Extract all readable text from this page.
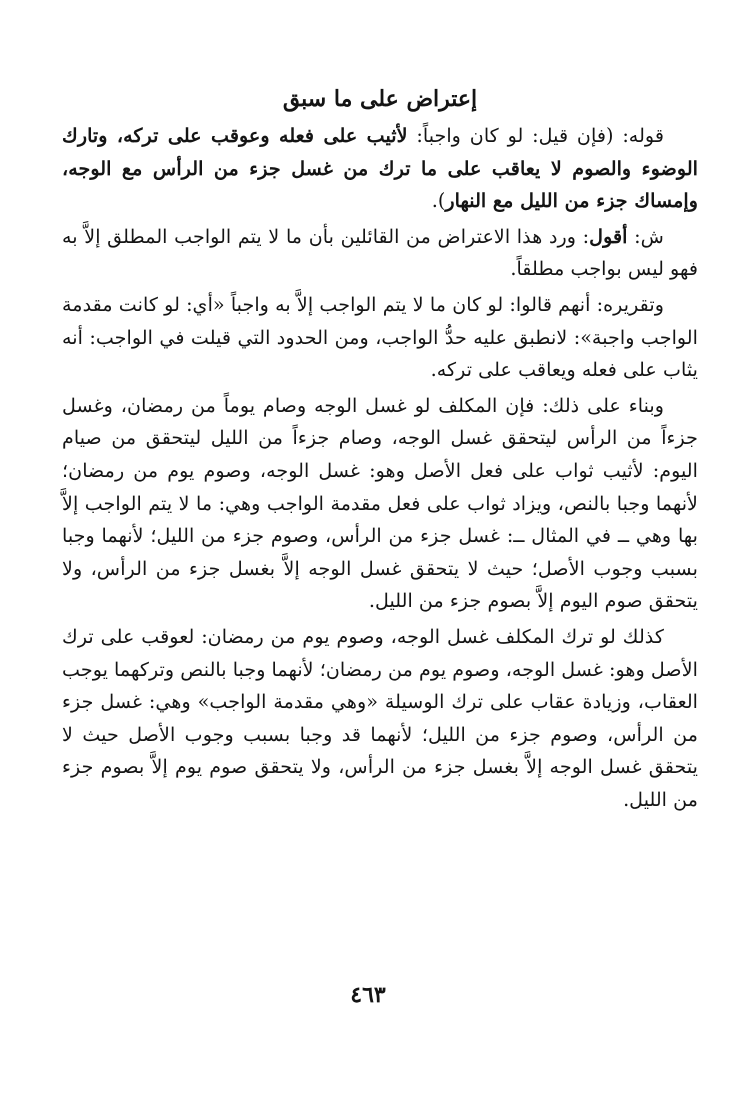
إعتراض على ما سبق

قوله: (فإن قيل: لو كان واجباً: لأثيب على فعله وعوقب على تركه، وتارك الوضوء والصوم لا يعاقب على ما ترك من غسل جزء من الرأس مع الوجه، وإمساك جزء من الليل مع النهار).

ش: أقول: ورد هذا الاعتراض من القائلين بأن ما لا يتم الواجب المطلق إلاَّ به فهو ليس بواجب مطلقاً.

وتقريره: أنهم قالوا: لو كان ما لا يتم الواجب إلاَّ به واجباً «أي: لو كانت مقدمة الواجب واجبة»: لانطبق عليه حدُّ الواجب، ومن الحدود التي قيلت في الواجب: أنه يثاب على فعله ويعاقب على تركه.

وبناء على ذلك: فإن المكلف لو غسل الوجه وصام يوماً من رمضان، وغسل جزءاً من الرأس ليتحقق غسل الوجه، وصام جزءاً من الليل ليتحقق من صيام اليوم: لأثيب ثواب على فعل الأصل وهو: غسل الوجه، وصوم يوم من رمضان؛ لأنهما وجبا بالنص، ويزاد ثواب على فعل مقدمة الواجب وهي: ما لا يتم الواجب إلاَّ بها وهي ــ في المثال ــ: غسل جزء من الرأس، وصوم جزء من الليل؛ لأنهما وجبا بسبب وجوب الأصل؛ حيث لا يتحقق غسل الوجه إلاَّ بغسل جزء من الرأس، ولا يتحقق صوم اليوم إلاَّ بصوم جزء من الليل.

كذلك لو ترك المكلف غسل الوجه، وصوم يوم من رمضان: لعوقب على ترك الأصل وهو: غسل الوجه، وصوم يوم من رمضان؛ لأنهما وجبا بالنص وتركهما يوجب العقاب، وزيادة عقاب على ترك الوسيلة «وهي مقدمة الواجب» وهي: غسل جزء من الرأس، وصوم جزء من الليل؛ لأنهما قد وجبا بسبب وجوب الأصل حيث لا يتحقق غسل الوجه إلاَّ بغسل جزء من الرأس، ولا يتحقق صوم يوم إلاَّ بصوم جزء من الليل.

٤٦٣
